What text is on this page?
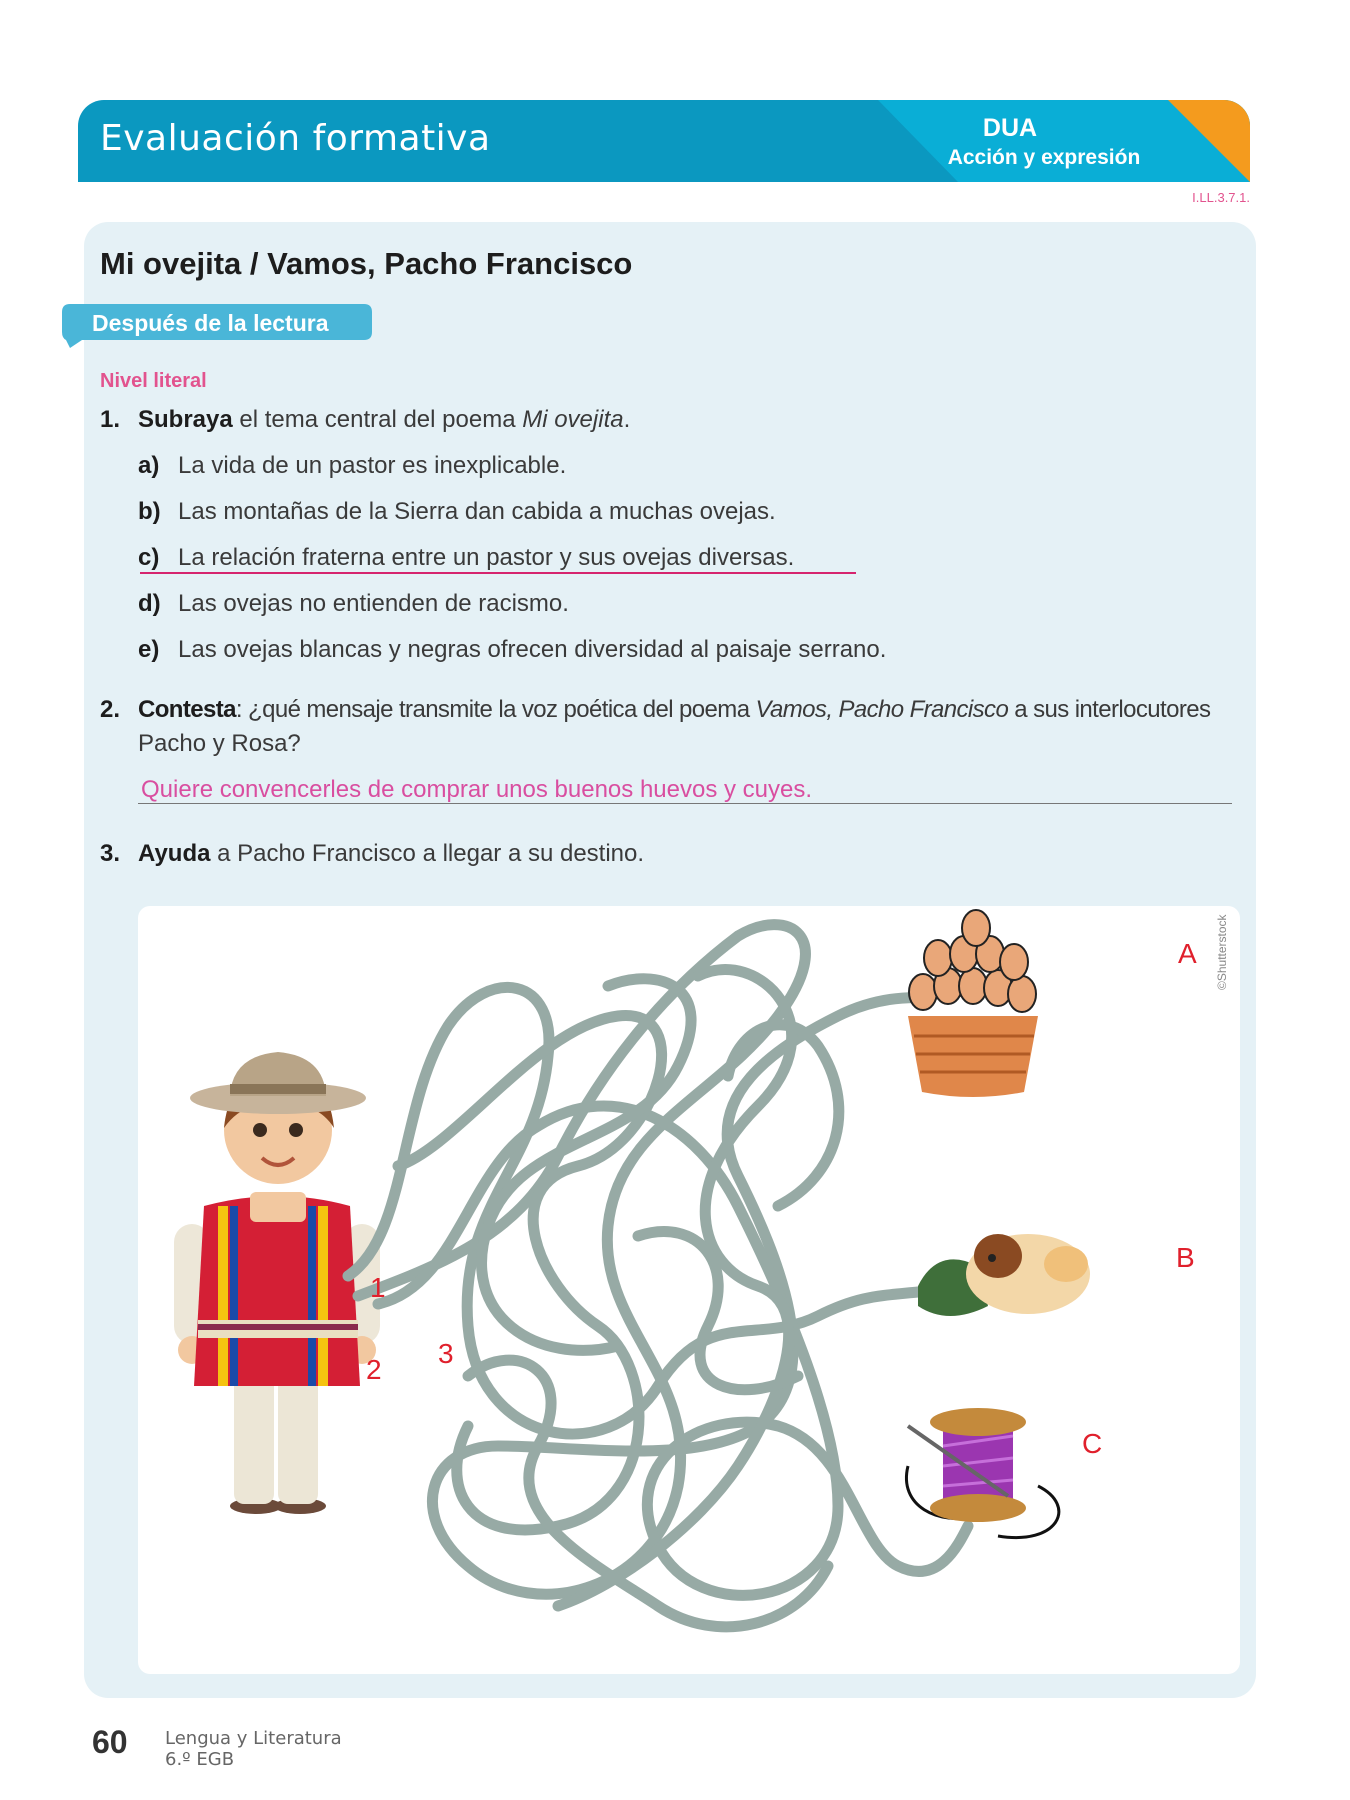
Evaluación formativa	DUA
Acción y expresión
I.LL.3.7.1.
Mi ovejita / Vamos, Pacho Francisco
Después de la lectura
Nivel literal
1. Subraya el tema central del poema Mi ovejita.
a) La vida de un pastor es inexplicable.
b) Las montañas de la Sierra dan cabida a muchas ovejas.
c) La relación fraterna entre un pastor y sus ovejas diversas.
d) Las ovejas no entienden de racismo.
e) Las ovejas blancas y negras ofrecen diversidad al paisaje serrano.
2. Contesta: ¿qué mensaje transmite la voz poética del poema Vamos, Pacho Francisco a sus interlocutores
Pacho y Rosa?
Quiere convencerles de comprar unos buenos huevos y cuyes.
3. Ayuda a Pacho Francisco a llegar a su destino.
©Shutterstock
1
2
3
A
B
C
60 Lengua y Literatura
6.º EGB
